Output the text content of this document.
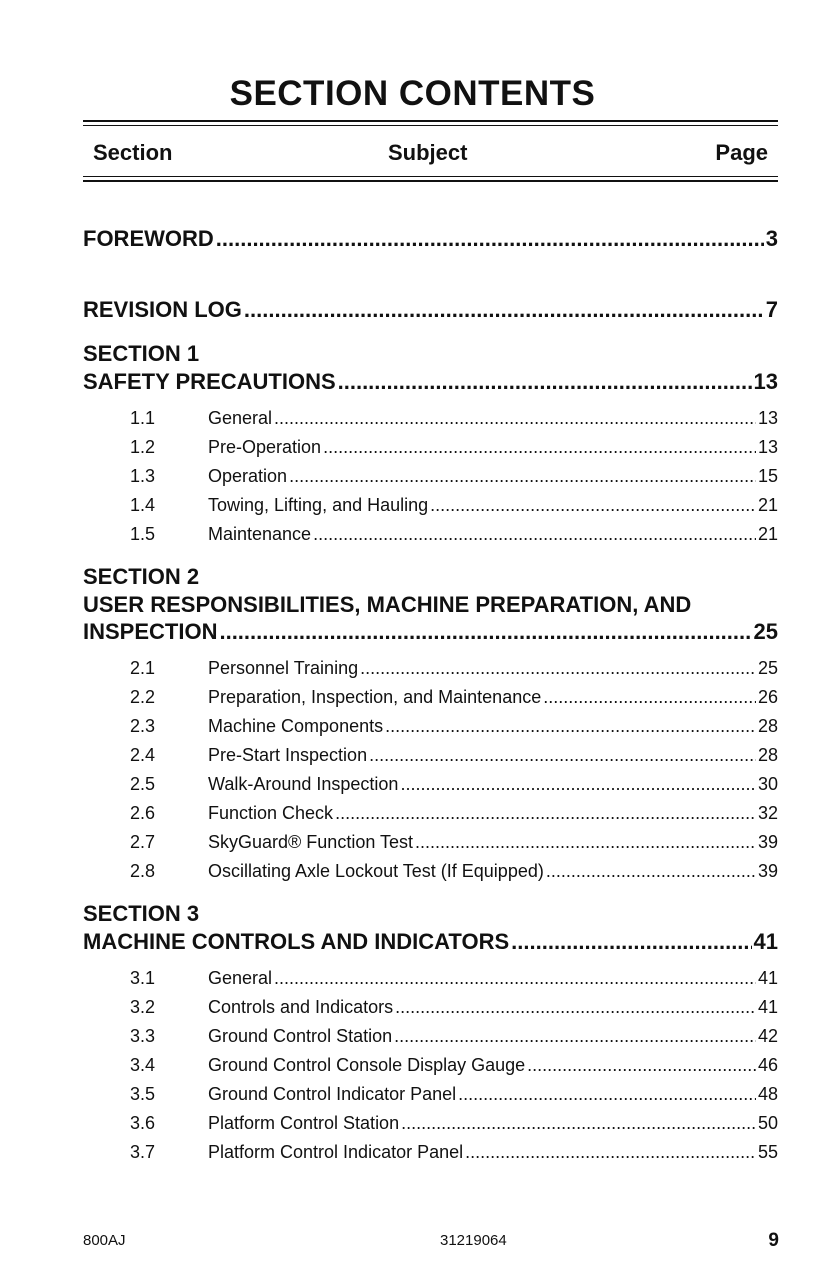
SECTION CONTENTS
Section	Subject	Page
FOREWORD .....	3
REVISION LOG .....	7
SECTION 1
SAFETY PRECAUTIONS .....	13
1.1	General .....	13
1.2	Pre-Operation .....	13
1.3	Operation .....	15
1.4	Towing, Lifting, and Hauling .....	21
1.5	Maintenance .....	21
SECTION 2
USER RESPONSIBILITIES, MACHINE PREPARATION, AND
INSPECTION .....	25
2.1	Personnel Training .....	25
2.2	Preparation, Inspection, and Maintenance .....	26
2.3	Machine Components .....	28
2.4	Pre-Start Inspection .....	28
2.5	Walk-Around Inspection .....	30
2.6	Function Check .....	32
2.7	SkyGuard® Function Test .....	39
2.8	Oscillating Axle Lockout Test (If Equipped) .....	39
SECTION 3
MACHINE CONTROLS AND INDICATORS .....	41
3.1	General .....	41
3.2	Controls and Indicators .....	41
3.3	Ground Control Station .....	42
3.4	Ground Control Console Display Gauge .....	46
3.5	Ground Control Indicator Panel .....	48
3.6	Platform Control Station .....	50
3.7	Platform Control Indicator Panel .....	55
800AJ	31219064	9
